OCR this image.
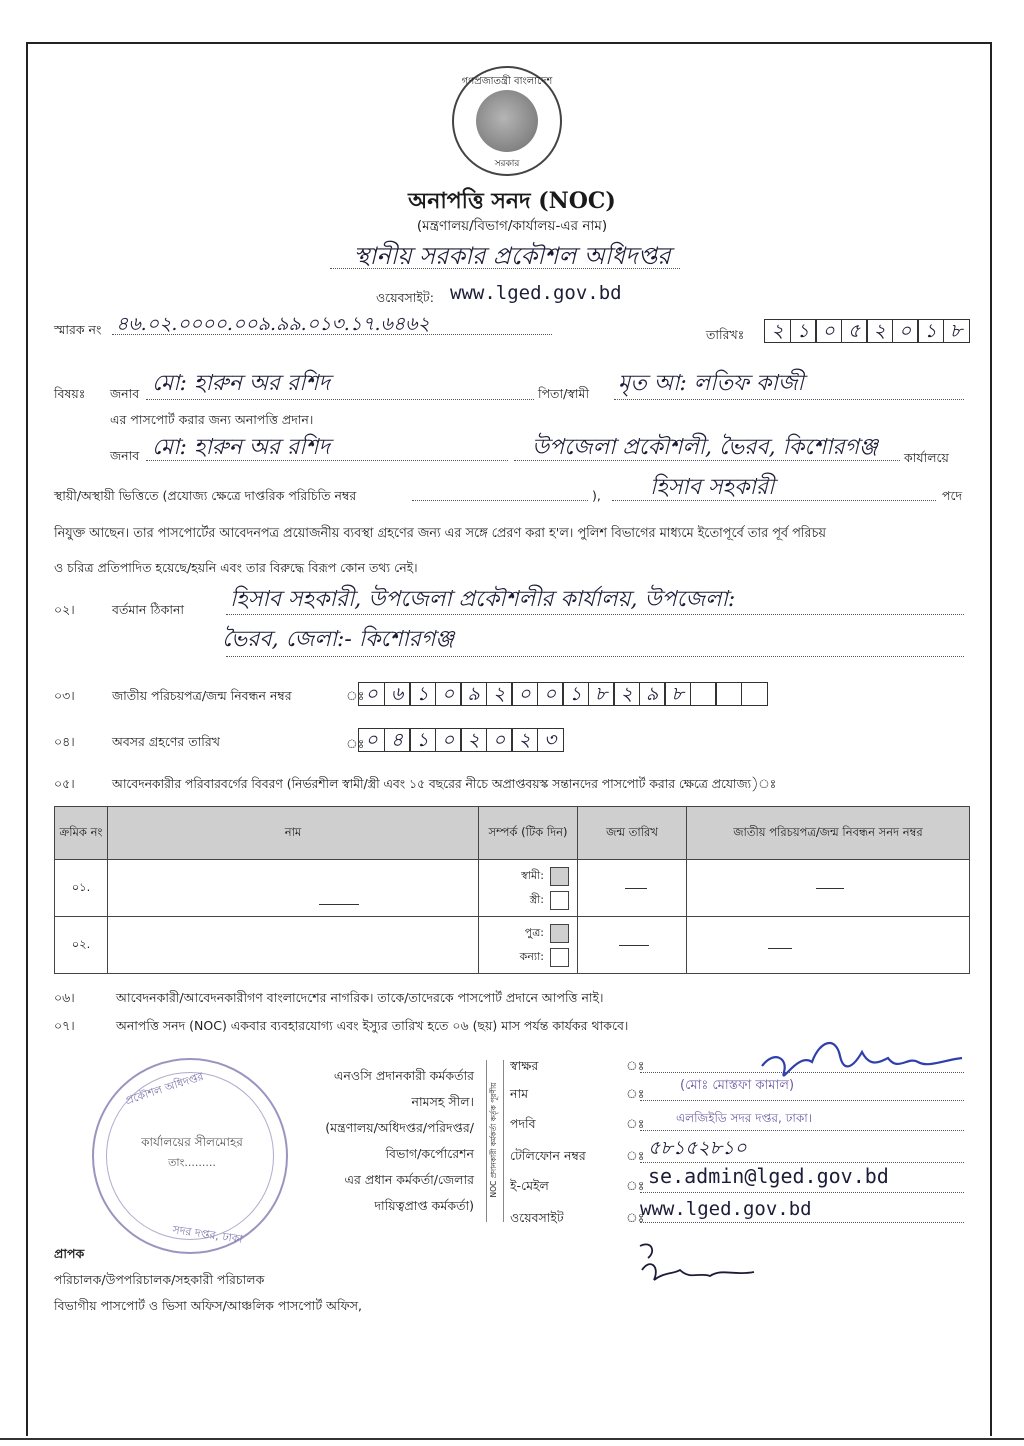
গণপ্রজাতন্ত্রী বাংলাদেশ
সরকার
অনাপত্তি সনদ (NOC)
(মন্ত্রণালয়/বিভাগ/কার্যালয়-এর নাম)
স্থানীয় সরকার প্রকৌশল অধিদপ্তর
ওয়েবসাইট: www.lged.gov.bd
স্মারক নং ৪৬.০২.০০০০.০০৯.৯৯.০১৩.১৭.৬৪৬২	তারিখঃ	২ ১ ০ ৫ ২ ০ ১ ৮
বিষয়ঃ জনাব মো: হারুন অর রশিদ	পিতা/স্বামী মৃত আ: লতিফ কাজী
এর পাসপোর্ট করার জন্য অনাপত্তি প্রদান।
জনাব মো: হারুন অর রশিদ	উপজেলা প্রকৌশলী, ভৈরব, কিশোরগঞ্জ কার্যালয়ে
স্থায়ী/অস্থায়ী ভিত্তিতে (প্রযোজ্য ক্ষেত্রে দাপ্তরিক পরিচিতি নম্বর	), হিসাব সহকারী	পদে
নিযুক্ত আছেন। তার পাসপোর্টের আবেদনপত্র প্রয়োজনীয় ব্যবস্থা গ্রহণের জন্য এর সঙ্গে প্রেরণ করা হ'ল। পুলিশ বিভাগের মাধ্যমে ইতোপূর্বে তার পূর্ব পরিচয়
ও চরিত্র প্রতিপাদিত হয়েছে/হয়নি এবং তার বিরুদ্ধে বিরূপ কোন তথ্য নেই।
০২।	বর্তমান ঠিকানা হিসাব সহকারী, উপজেলা প্রকৌশলীর কার্যালয়, উপজেলা:
ভৈরব, জেলা:- কিশোরগঞ্জ
০৩।	জাতীয় পরিচয়পত্র/জন্ম নিবন্ধন নম্বর	ঃ ০ ৬ ১ ০ ৯ ২ ০ ০ ১ ৮ ২ ৯ ৮
০৪।	অবসর গ্রহণের তারিখ	ঃ ০ ৪ ১ ০ ২ ০ ২ ৩
০৫।	আবেদনকারীর পরিবারবর্গের বিবরণ (নির্ভরশীল স্বামী/স্ত্রী এবং ১৫ বছরের নীচে অপ্রাপ্তবয়স্ক সন্তানদের পাসপোর্ট করার ক্ষেত্রে প্রযোজ্য)ঃ
ক্রমিক নং	নাম	সম্পর্ক (টিক দিন)	জন্ম তারিখ	জাতীয় পরিচয়পত্র/জন্ম নিবন্ধন সনদ নম্বর
০১.		স্বামী:
স্ত্রী:		

০২.		পুত্র:
কন্যা:		

০৬।	আবেদনকারী/আবেদনকারীগণ বাংলাদেশের নাগরিক। তাকে/তাদেরকে পাসপোর্ট প্রদানে আপত্তি নাই।
০৭।	অনাপত্তি সনদ (NOC) একবার ব্যবহারযোগ্য এবং ইস্যুর তারিখ হতে ০৬ (ছয়) মাস পর্যন্ত কার্যকর থাকবে।
প্রকৌশল অধিদপ্তর
কার্যালয়ের সীলমোহর
তাং.........
সদর দপ্তর, ঢাকা
এনওসি প্রদানকারী কর্মকর্তার
নামসহ সীল।
(মন্ত্রণালয়/অধিদপ্তর/পরিদপ্তর/
বিভাগ/কর্পোরেশন
এর প্রধান কর্মকর্তা/জেলার
দায়িত্বপ্রাপ্ত কর্মকর্তা)
NOC প্রদানকারী কর্মকর্তা কর্তৃক পূরণীয়
স্বাক্ষর	ঃ
নাম	ঃ
(মোঃ মোস্তফা কামাল)
পদবি	ঃ	এলজিইডি সদর দপ্তর, ঢাকা।
টেলিফোন নম্বর	ঃ ৫৮১৫২৮১০
ই-মেইল	ঃ se.admin@lged.gov.bd
ওয়েবসাইট	ঃ
www.lged.gov.bd
প্রাপক
পরিচালক/উপপরিচালক/সহকারী পরিচালক
বিভাগীয় পাসপোর্ট ও ভিসা অফিস/আঞ্চলিক পাসপোর্ট অফিস,
